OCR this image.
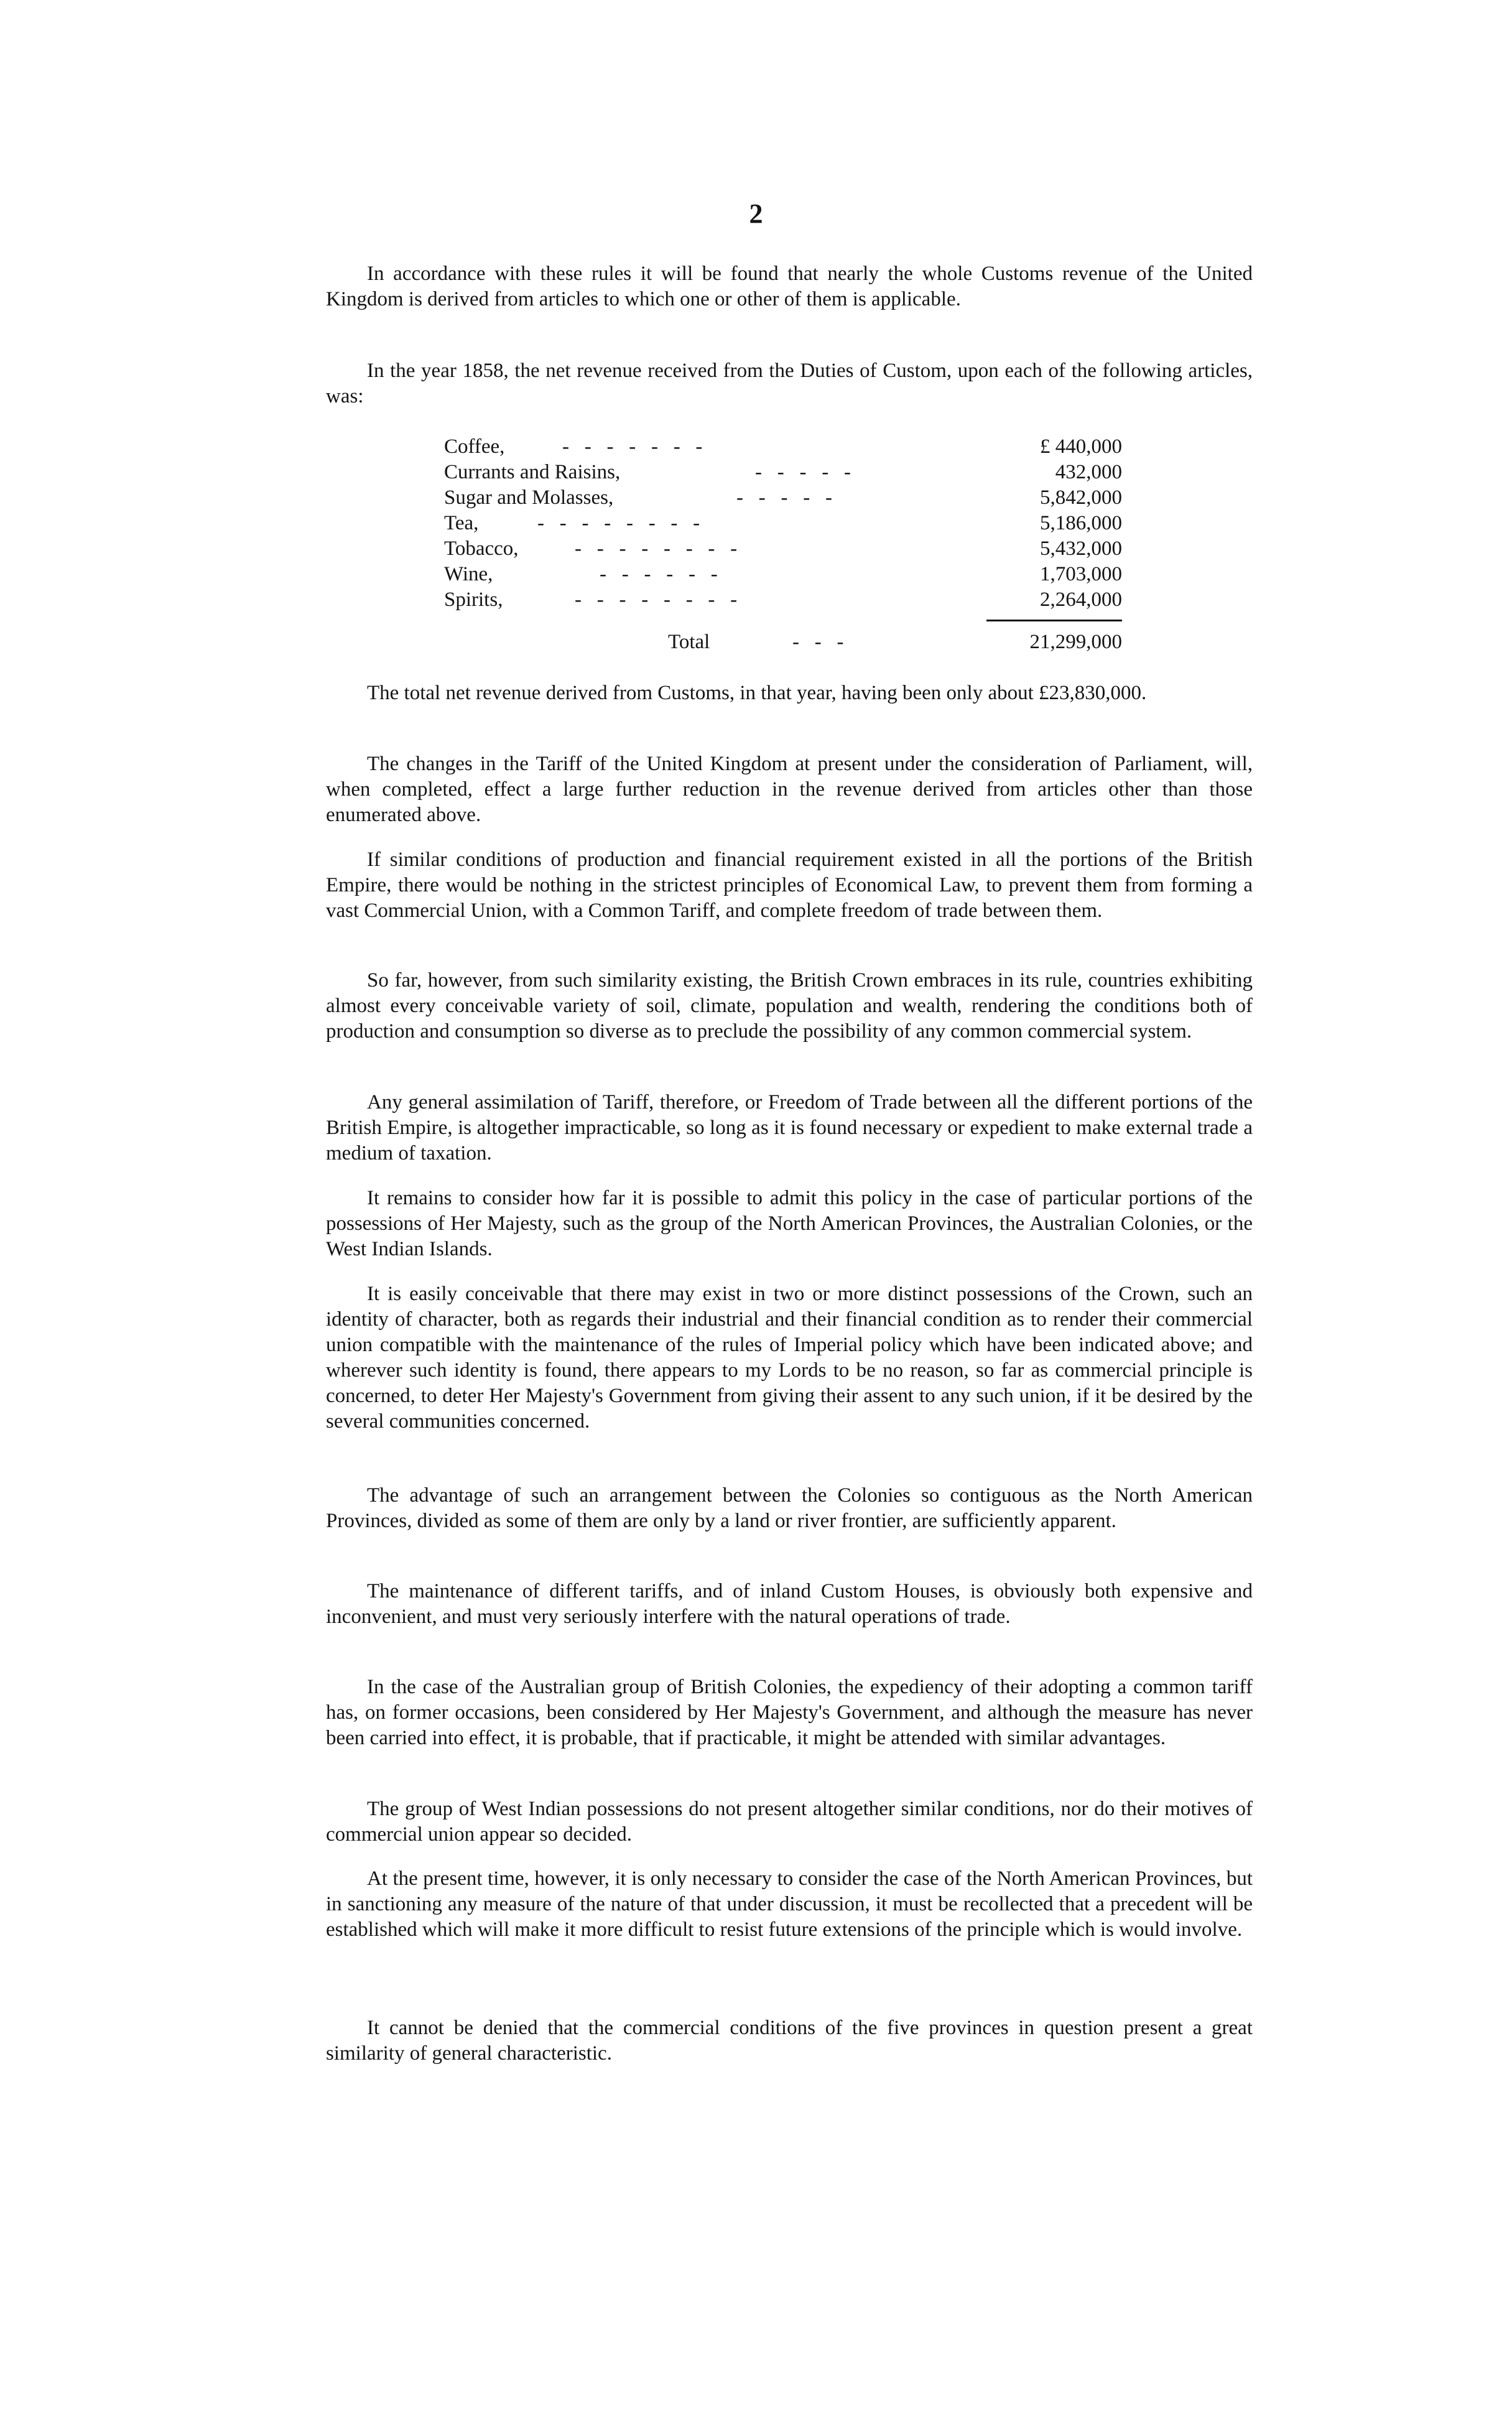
2

In accordance with these rules it will be found that nearly the whole Customs revenue of the United Kingdom is derived from articles to which one or other of them is applicable.

In the year 1858, the net revenue received from the Duties of Custom, upon each of the following articles, was:

Coffee,	-   -   -   -   -   -   -	£ 440,000
Currants and Raisins,	-   -   -   -   -	432,000
Sugar and Molasses,	-   -   -   -   -	5,842,000
Tea,	-   -   -   -   -   -   -   -	5,186,000
Tobacco,	-   -   -   -   -   -   -   -	5,432,000
Wine,	-   -   -   -   -   -	1,703,000
Spirits,	-   -   -   -   -   -   -   -	2,264,000
Total	-   -   -	21,299,000

The total net revenue derived from Customs, in that year, having been only about £23,830,000.

The changes in the Tariff of the United Kingdom at present under the consideration of Parliament, will, when completed, effect a large further reduction in the revenue derived from articles other than those enumerated above.

If similar conditions of production and financial requirement existed in all the portions of the British Empire, there would be nothing in the strictest principles of Economical Law, to prevent them from forming a vast Commercial Union, with a Common Tariff, and complete freedom of trade between them.

So far, however, from such similarity existing, the British Crown embraces in its rule, countries exhibiting almost every conceivable variety of soil, climate, population and wealth, rendering the conditions both of production and consumption so diverse as to preclude the possibility of any common commercial system.

Any general assimilation of Tariff, therefore, or Freedom of Trade between all the different portions of the British Empire, is altogether impracticable, so long as it is found necessary or expedient to make external trade a medium of taxation.

It remains to consider how far it is possible to admit this policy in the case of particular portions of the possessions of Her Majesty, such as the group of the North American Provinces, the Australian Colonies, or the West Indian Islands.

It is easily conceivable that there may exist in two or more distinct possessions of the Crown, such an identity of character, both as regards their industrial and their financial condition as to render their commercial union compatible with the maintenance of the rules of Imperial policy which have been indicated above; and wherever such identity is found, there appears to my Lords to be no reason, so far as commercial principle is concerned, to deter Her Majesty's Government from giving their assent to any such union, if it be desired by the several communities concerned.

The advantage of such an arrangement between the Colonies so contiguous as the North American Provinces, divided as some of them are only by a land or river frontier, are sufficiently apparent.

The maintenance of different tariffs, and of inland Custom Houses, is obviously both expensive and inconvenient, and must very seriously interfere with the natural operations of trade.

In the case of the Australian group of British Colonies, the expediency of their adopting a common tariff has, on former occasions, been considered by Her Majesty's Government, and although the measure has never been carried into effect, it is probable, that if practicable, it might be attended with similar advantages.

The group of West Indian possessions do not present altogether similar conditions, nor do their motives of commercial union appear so decided.

At the present time, however, it is only necessary to consider the case of the North American Provinces, but in sanctioning any measure of the nature of that under discussion, it must be recollected that a precedent will be established which will make it more difficult to resist future extensions of the principle which is would involve.

It cannot be denied that the commercial conditions of the five provinces in question present a great similarity of general characteristic.
